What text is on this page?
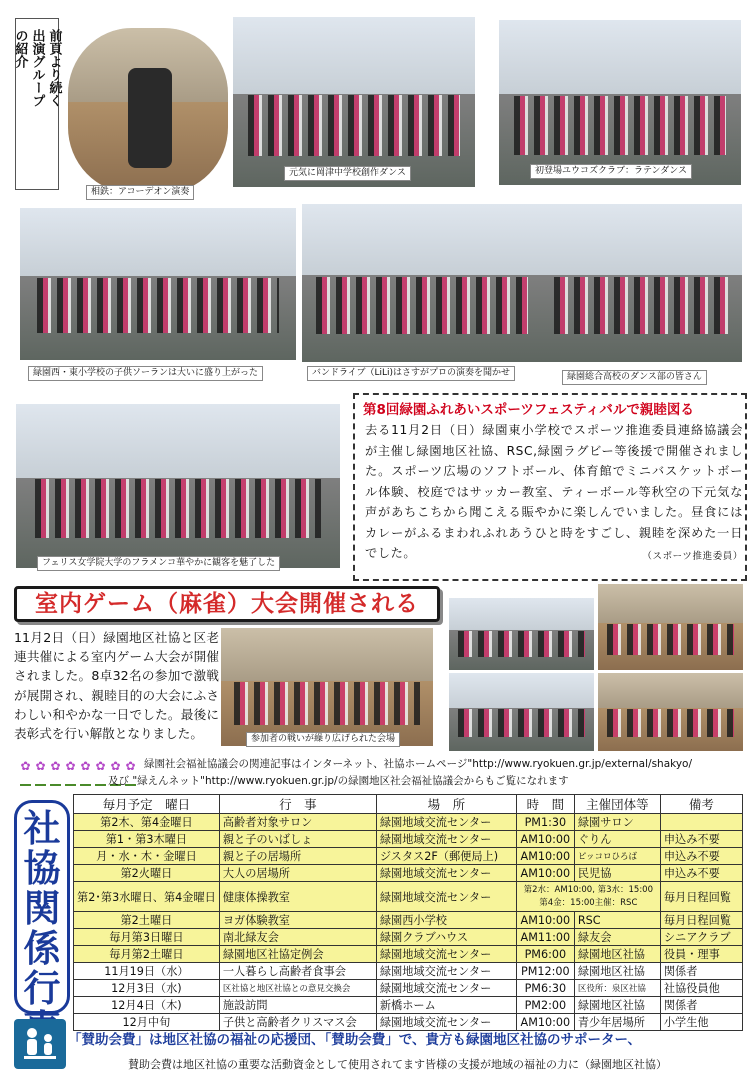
前頁より続く
出演グループ
の紹介
相鉄：アコーデオン演奏
元気に岡津中学校創作ダンス	初登場ユウコズクラブ：ラテンダンス
緑園西・東小学校の子供ソーランは大いに盛り上がった	バンドライブ（LiLi)はさすがプロの演奏を聞かせ	緑園総合高校のダンス部の皆さん
フェリス女学院大学のフラメンコ華やかに観客を魅了した
第8回緑園ふれあいスポーツフェスティバルで親睦図る
去る11月2日（日）緑園東小学校でスポーツ推進委員連絡協議会が主催し緑園地区社協、RSC,緑園ラグビー等後援で開催されました。スポーツ広場のソフトボール、体育館でミニバスケットボール体験、校庭ではサッカー教室、ティーボール等秋空の下元気な声があちこちから聞こえる賑やかに楽しんでいました。昼食にはカレーがふるまわれふれあうひと時をすごし、親睦を深めた一日でした。	（スポーツ推進委員）
室内ゲーム（麻雀）大会開催される
11月2日（日）緑園地区社協と区老連共催による室内ゲーム大会が開催されました。8卓32名の参加で激戦が展開され、親睦目的の大会にふさわしい和やかな一日でした。最後に表彰式を行い解散となりました。	参加者の戦いが繰り広げられた会場
✿ ✿ ✿ ✿ ✿ ✿ ✿ ✿ 緑園社会福祉協議会の関連記事はインターネット、社協ホームページ"http://www.ryokuen.gr.jp/external/shakyo/
及び "緑えんネット"http://www.ryokuen.gr.jp/の緑園地区社会福祉協議会からもご覧になれます
社
協
関
係
行
毎月予定　曜日	行　事	場　所	時　間	主催団体等	備考
第2木、第4金曜日	高齢者対象サロン	緑園地域交流センター	PM1:30	緑園サロン	
第1・第3木曜日	親と子のいばしょ	緑園地域交流センター	AM10:00	ぐりん	申込み不要
月・水・木・金曜日	親と子の居場所	ジスタス2F（郵便局上)	AM10:00	ピッコロひろば	申込み不要
第2火曜日	大人の居場所	緑園地域交流センター	AM10:00	民児協	申込み不要
第2･第3水曜日、第4金曜日	健康体操教室	緑園地域交流センター	第2水：AM10:00, 第3水：15:00 第4金：15:00主催：RSC		毎月日程回覧
第2土曜日	ヨガ体験教室	緑園西小学校	AM10:00	RSC	毎月日程回覧
毎月第3日曜日	南北緑友会	緑園クラブハウス	AM11:00	緑友会	シニアクラブ
毎月第2土曜日	緑園地区社協定例会	緑園地域交流センター	PM6:00	緑園地区社協	役員・理事
11月19日（水）	一人暮らし高齢者食事会	緑園地域交流センター	PM12:00	緑園地区社協	関係者
12月3日（水)	区社協と地区社協との意見交換会	緑園地域交流センター	PM6:30	区役所：泉区社協	社協役員他
12月4日（木)	施設訪問	新橋ホーム	PM2:00	緑園地区社協	関係者
12月中旬	子供と高齢者クリスマス会	緑園地域交流センター	AM10:00	青少年居場所	小学生他
「賛助会費」は地区社協の福祉の応援団、「賛助会費」で、貴方も緑園地区社協のサポーター、
賛助会費は地区社協の重要な活動資金として使用されてます皆様の支援が地域の福祉の力に（緑園地区社協）
